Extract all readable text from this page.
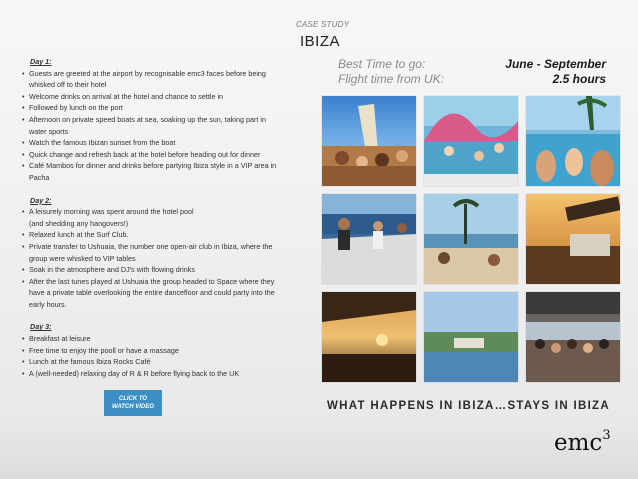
CASE STUDY
IBIZA
Day 1:
• Guests are greeted at the airport by recognisable emc3 faces before being
whisked off to their hotel
• Welcome drinks on arrival at the hotel and chance to settle in
• Followed by lunch on the port
• Afternoon on private speed boats at sea, soaking up the sun, taking part in
water sports
• Watch the famous Ibizan sunset from the boat
• Quick change and refresh back at the hotel before heading out for dinner
• Café Mambos for dinner and drinks before partying Ibiza style in a VIP area in
Pacha
Day 2:
• A leisurely morning was spent around the hotel pool
(and shedding any hangovers!)
• Relaxed lunch at the Surf Club.
• Private transfer to Ushuaia, the number one open-air club in Ibiza, where the
group were whisked to VIP tables
• Soak in the atmosphere and DJ's with flowing drinks
• After the last tunes played at Ushuaia the group headed to Space where they
have a private table overlooking the entire dancefloor and could party into the
early hours.
Day 3:
• Breakfast at leisure
• Free time to enjoy the pooll or have a massage
• Lunch at the famous Ibiza Rocks Café
• A (well-needed) relaxing day of R & R before flying back to the UK
CLICK TO
WATCH VIDEO
Best Time to go:	June - September
Flight time from UK:	2.5 hours
WHAT HAPPENS IN IBIZA…STAYS IN IBIZA
emc$^3$
